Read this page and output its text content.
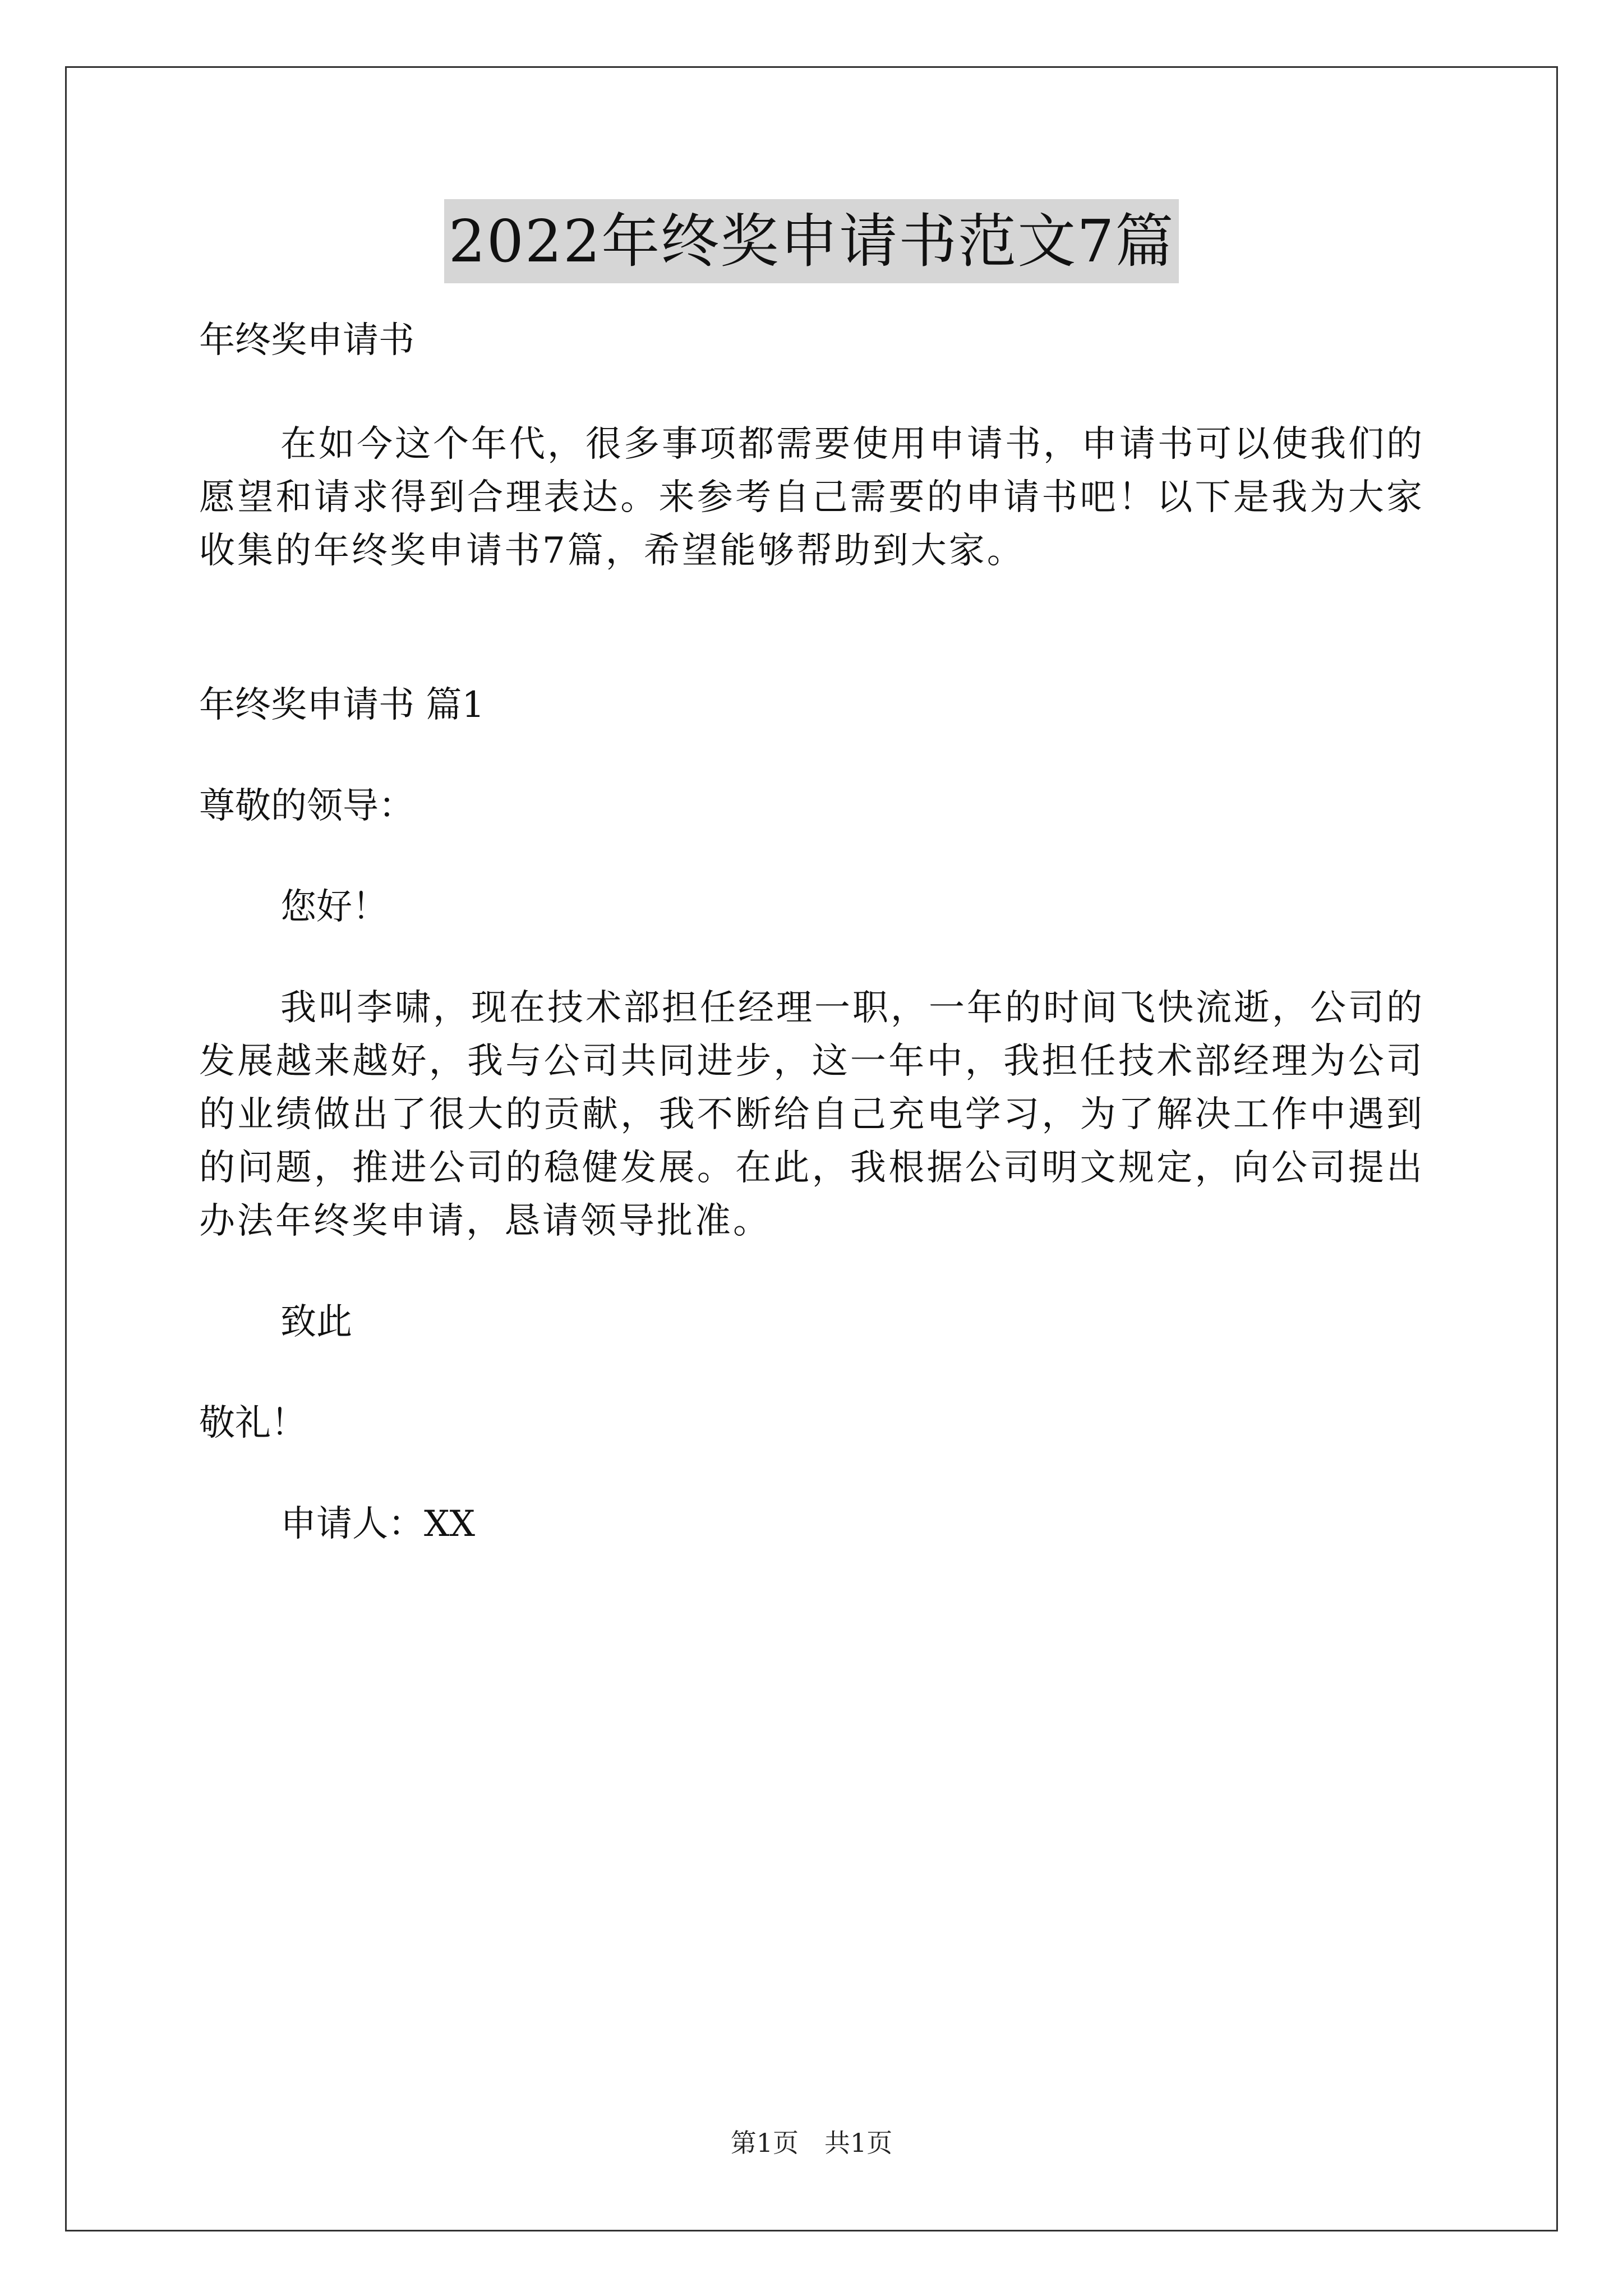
2022年终奖申请书范文7篇

年终奖申请书

在如今这个年代，很多事项都需要使用申请书，申请书可以使我们的愿望和请求得到合理表达。来参考自己需要的申请书吧！以下是我为大家收集的年终奖申请书7篇，希望能够帮助到大家。

年终奖申请书 篇1

尊敬的领导：

您好！

我叫李啸，现在技术部担任经理一职，一年的时间飞快流逝，公司的发展越来越好，我与公司共同进步，这一年中，我担任技术部经理为公司的业绩做出了很大的贡献，我不断给自己充电学习，为了解决工作中遇到的问题，推进公司的稳健发展。在此，我根据公司明文规定，向公司提出办法年终奖申请，恳请领导批准。

致此

敬礼！

申请人：XX

第1页　共1页
